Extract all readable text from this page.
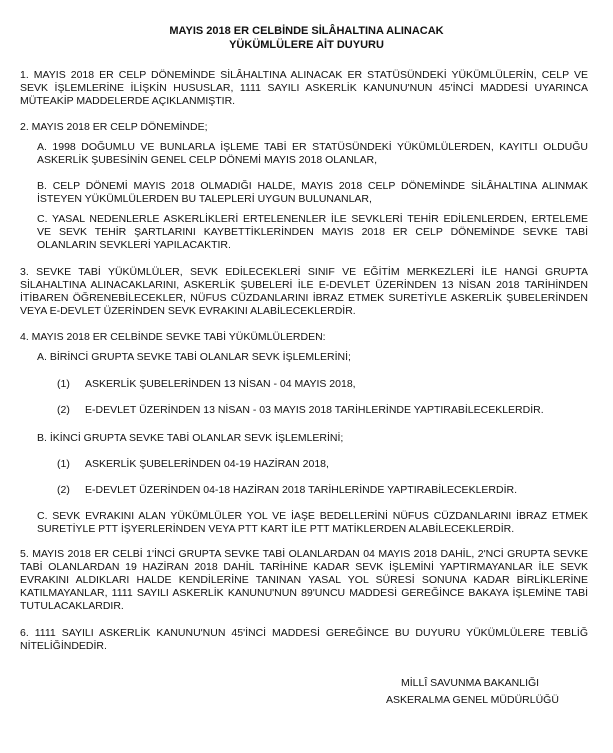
MAYIS 2018 ER CELBİNDE SİLÂHALTINA ALINACAK
YÜKÜMLÜLERE AİT DUYURU
1. MAYIS 2018 ER CELP DÖNEMİNDE SİLÂHALTINA ALINACAK ER STATÜSÜNDEKİ YÜKÜMLÜLERİN, CELP VE SEVK İŞLEMLERİNE İLİŞKİN HUSUSLAR, 1111 SAYILI ASKERLİK KANUNU'NUN 45'İNCİ MADDESİ UYARINCA MÜTEAKİP MADDELERDE AÇIKLANMIŞTIR.
2. MAYIS 2018 ER CELP DÖNEMİNDE;
A. 1998 DOĞUMLU VE BUNLARLA İŞLEME TABİ ER STATÜSÜNDEKİ YÜKÜMLÜLERDEN, KAYITLI OLDUĞU ASKERLİK ŞUBESİNİN GENEL CELP DÖNEMİ MAYIS 2018 OLANLAR,
B. CELP DÖNEMİ MAYIS 2018 OLMADIĞI HALDE, MAYIS 2018 CELP DÖNEMİNDE SİLÂHALTINA ALINMAK İSTEYEN YÜKÜMLÜLERDEN BU TALEPLERİ UYGUN BULUNANLAR,
C. YASAL NEDENLERLE ASKERLİKLERİ ERTELENENLER İLE SEVKLERİ TEHİR EDİLENLERDEN, ERTELEME VE SEVK TEHİR ŞARTLARINI KAYBETTİKLERİNDEN MAYIS 2018 ER CELP DÖNEMİNDE SEVKE TABİ OLANLARIN SEVKLERİ YAPILACAKTIR.
3. SEVKE TABİ YÜKÜMLÜLER, SEVK EDİLECEKLERİ SINIF VE EĞİTİM MERKEZLERİ İLE HANGİ GRUPTA SİLAHALTINA ALINACAKLARINI, ASKERLİK ŞUBELERİ İLE E-DEVLET ÜZERİNDEN 13 NİSAN 2018 TARİHİNDEN İTİBAREN ÖĞRENEBİLECEKLER, NÜFUS CÜZDANLARINI İBRAZ ETMEK SURETİYLE ASKERLİK ŞUBELERİNDEN VEYA E-DEVLET ÜZERİNDEN SEVK EVRAKINI ALABİLECEKLERDİR.
4. MAYIS 2018 ER CELBİNDE SEVKE TABİ YÜKÜMLÜLERDEN:
A. BİRİNCİ GRUPTA SEVKE TABİ OLANLAR SEVK İŞLEMLERİNİ;
(1) ASKERLİK ŞUBELERİNDEN 13 NİSAN - 04 MAYIS 2018,
(2) E-DEVLET ÜZERİNDEN 13 NİSAN - 03 MAYIS 2018 TARİHLERİNDE YAPTIRABİLECEKLERDİR.
B. İKİNCİ GRUPTA SEVKE TABİ OLANLAR SEVK İŞLEMLERİNİ;
(1) ASKERLİK ŞUBELERİNDEN 04-19 HAZİRAN 2018,
(2) E-DEVLET ÜZERİNDEN 04-18 HAZİRAN 2018 TARİHLERİNDE YAPTIRABİLECEKLERDİR.
C. SEVK EVRAKINI ALAN YÜKÜMLÜLER YOL VE İAŞE BEDELLERİNİ NÜFUS CÜZDANLARINI İBRAZ ETMEK SURETİYLE PTT İŞYERLERİNDEN VEYA PTT KART İLE PTT MATİKLERDEN ALABİLECEKLERDİR.
5. MAYIS 2018 ER CELBİ 1'İNCİ GRUPTA SEVKE TABİ OLANLARDAN 04 MAYIS 2018 DAHİL, 2'NCİ GRUPTA SEVKE TABİ OLANLARDAN 19 HAZİRAN 2018 DAHİL TARİHİNE KADAR SEVK İŞLEMİNİ YAPTIRMAYANLAR İLE SEVK EVRAKINI ALDIKLARI HALDE KENDİLERİNE TANINAN YASAL YOL SÜRESİ SONUNA KADAR BİRLİKLERİNE KATILMAYANLAR, 1111 SAYILI ASKERLİK KANUNU'NUN 89'UNCU MADDESİ GEREĞİNCE BAKAYA İŞLEMİNE TABİ TUTULACAKLARDIR.
6. 1111 SAYILI ASKERLİK KANUNU'NUN 45'İNCİ MADDESİ GEREĞİNCE BU DUYURU YÜKÜMLÜLERE TEBLİĞ NİTELİĞİNDEDİR.
MİLLÎ SAVUNMA BAKANLIĞI
ASKERALMA GENEL MÜDÜRLÜĞÜ
